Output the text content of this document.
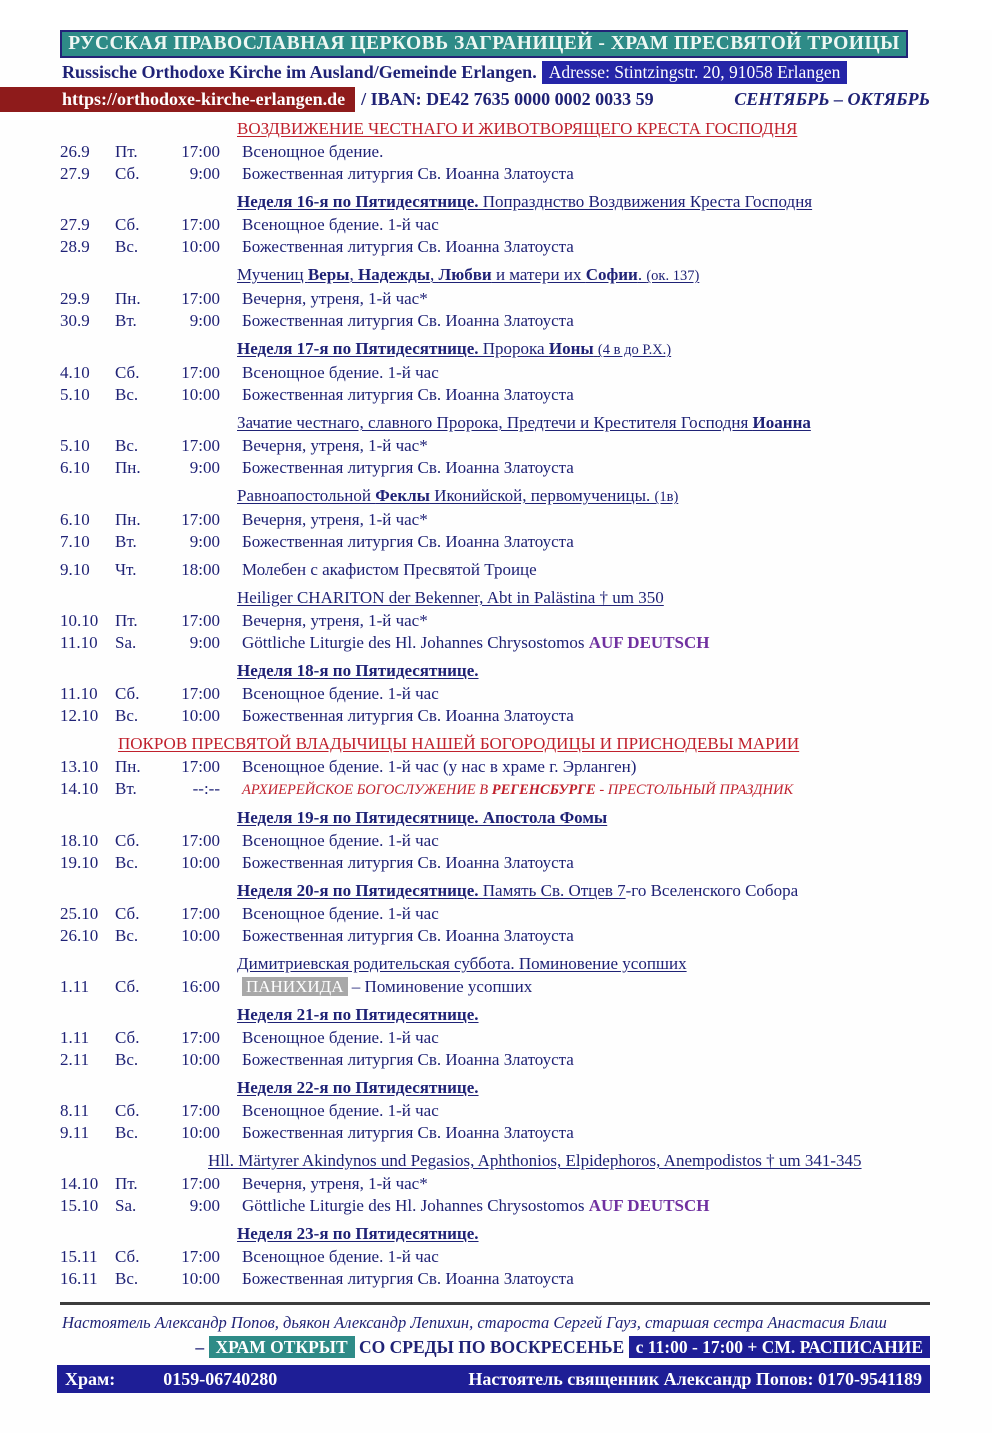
РУССКАЯ ПРАВОСЛАВНАЯ ЦЕРКОВЬ ЗАГРАНИЦЕЙ - ХРАМ ПРЕСВЯТОЙ ТРОИЦЫ
Russische Orthodoxe Kirche im Ausland/Gemeinde Erlangen. Adresse: Stintzingstr. 20, 91058 Erlangen
https://orthodoxe-kirche-erlangen.de / IBAN: DE42 7635 0000 0002 0033 59	СЕНТЯБРЬ – ОКТЯБРЬ
ВОЗДВИЖЕНИЕ ЧЕСТНАГО И ЖИВОТВОРЯЩЕГО КРЕСТА ГОСПОДНЯ
26.9	Пт.	17:00	Всенощное бдение.
27.9	Сб.	9:00	Божественная литургия Св. Иоанна Златоуста
Неделя 16-я по Пятидесятнице. Попразднство Воздвижения Креста Господня
27.9	Сб.	17:00	Всенощное бдение. 1-й час
28.9	Вс.	10:00	Божественная литургия Св. Иоанна Златоуста
Мучениц Веры, Надежды, Любви и матери их Софии. (ок. 137)
29.9	Пн.	17:00	Вечерня, утреня, 1-й час*
30.9	Вт.	9:00	Божественная литургия Св. Иоанна Златоуста
Неделя 17-я по Пятидесятнице. Пророка Ионы (4 в до Р.Х.)
4.10	Сб.	17:00	Всенощное бдение. 1-й час
5.10	Вс.	10:00	Божественная литургия Св. Иоанна Златоуста
Зачатие честнаго, славного Пророка, Предтечи и Крестителя Господня Иоанна
5.10	Вс.	17:00	Вечерня, утреня, 1-й час*
6.10	Пн.	9:00	Божественная литургия Св. Иоанна Златоуста
Равноапостольной Феклы Иконийской, первомученицы. (1в)
6.10	Пн.	17:00	Вечерня, утреня, 1-й час*
7.10	Вт.	9:00	Божественная литургия Св. Иоанна Златоуста
9.10	Чт.	18:00	Молебен с акафистом Пресвятой Троице
Heiliger CHARITON der Bekenner, Abt in Palästina † um 350
10.10 Пт.	17:00	Вечерня, утреня, 1-й час*
11.10	Sa.	9:00	Göttliche Liturgie des Hl. Johannes Chrysostomos AUF DEUTSCH
Неделя 18-я по Пятидесятнице.
11.10	Сб.	17:00	Всенощное бдение. 1-й час
12.10 Вс.	10:00	Божественная литургия Св. Иоанна Златоуста
ПОКРОВ ПРЕСВЯТОЙ ВЛАДЫЧИЦЫ НАШЕЙ БОГОРОДИЦЫ И ПРИСНОДЕВЫ МАРИИ
13.10 Пн.	17:00	Всенощное бдение. 1-й час (у нас в храме г. Эрланген)
14.10 Вт.	--:--	АРХИЕРЕЙСКОЕ БОГОСЛУЖЕНИЕ В РЕГЕНСБУРГЕ - ПРЕСТОЛЬНЫЙ ПРАЗДНИК
Неделя 19-я по Пятидесятнице. Апостола Фомы
18.10 Сб.	17:00	Всенощное бдение. 1-й час
19.10 Вс.	10:00	Божественная литургия Св. Иоанна Златоуста
Неделя 20-я по Пятидесятнице. Память Св. Отцев 7-го Вселенского Собора
25.10 Сб.	17:00	Всенощное бдение. 1-й час
26.10 Вс.	10:00	Божественная литургия Св. Иоанна Златоуста
Димитриевская родительская суббота. Поминовение усопших
1.11	Сб.	16:00	ПАНИХИДА – Поминовение усопших
Неделя 21-я по Пятидесятнице.
1.11	Сб.	17:00	Всенощное бдение. 1-й час
2.11	Вс.	10:00	Божественная литургия Св. Иоанна Златоуста
Неделя 22-я по Пятидесятнице.
8.11	Сб.	17:00	Всенощное бдение. 1-й час
9.11	Вс.	10:00	Божественная литургия Св. Иоанна Златоуста
Hll. Märtyrer Akindynos und Pegasios, Aphthonios, Elpidephoros, Anempodistos † um 341-345
14.10 Пт.	17:00	Вечерня, утреня, 1-й час*
15.10 Sa.	9:00	Göttliche Liturgie des Hl. Johannes Chrysostomos AUF DEUTSCH
Неделя 23-я по Пятидесятнице.
15.11	Сб.	17:00	Всенощное бдение. 1-й час
16.11	Вс.	10:00	Божественная литургия Св. Иоанна Златоуста
Настоятель Александр Попов, дьякон Александр Лепихин, староста Сергей Гауз, старшая сестра Анастасия Блаш
– ХРАМ ОТКРЫТ СО СРЕДЫ ПО ВОСКРЕСЕНЬЕ с 11:00 - 17:00 + СМ. РАСПИСАНИЕ
Храм:	0159-06740280	Настоятель священник Александр Попов: 0170-9541189
